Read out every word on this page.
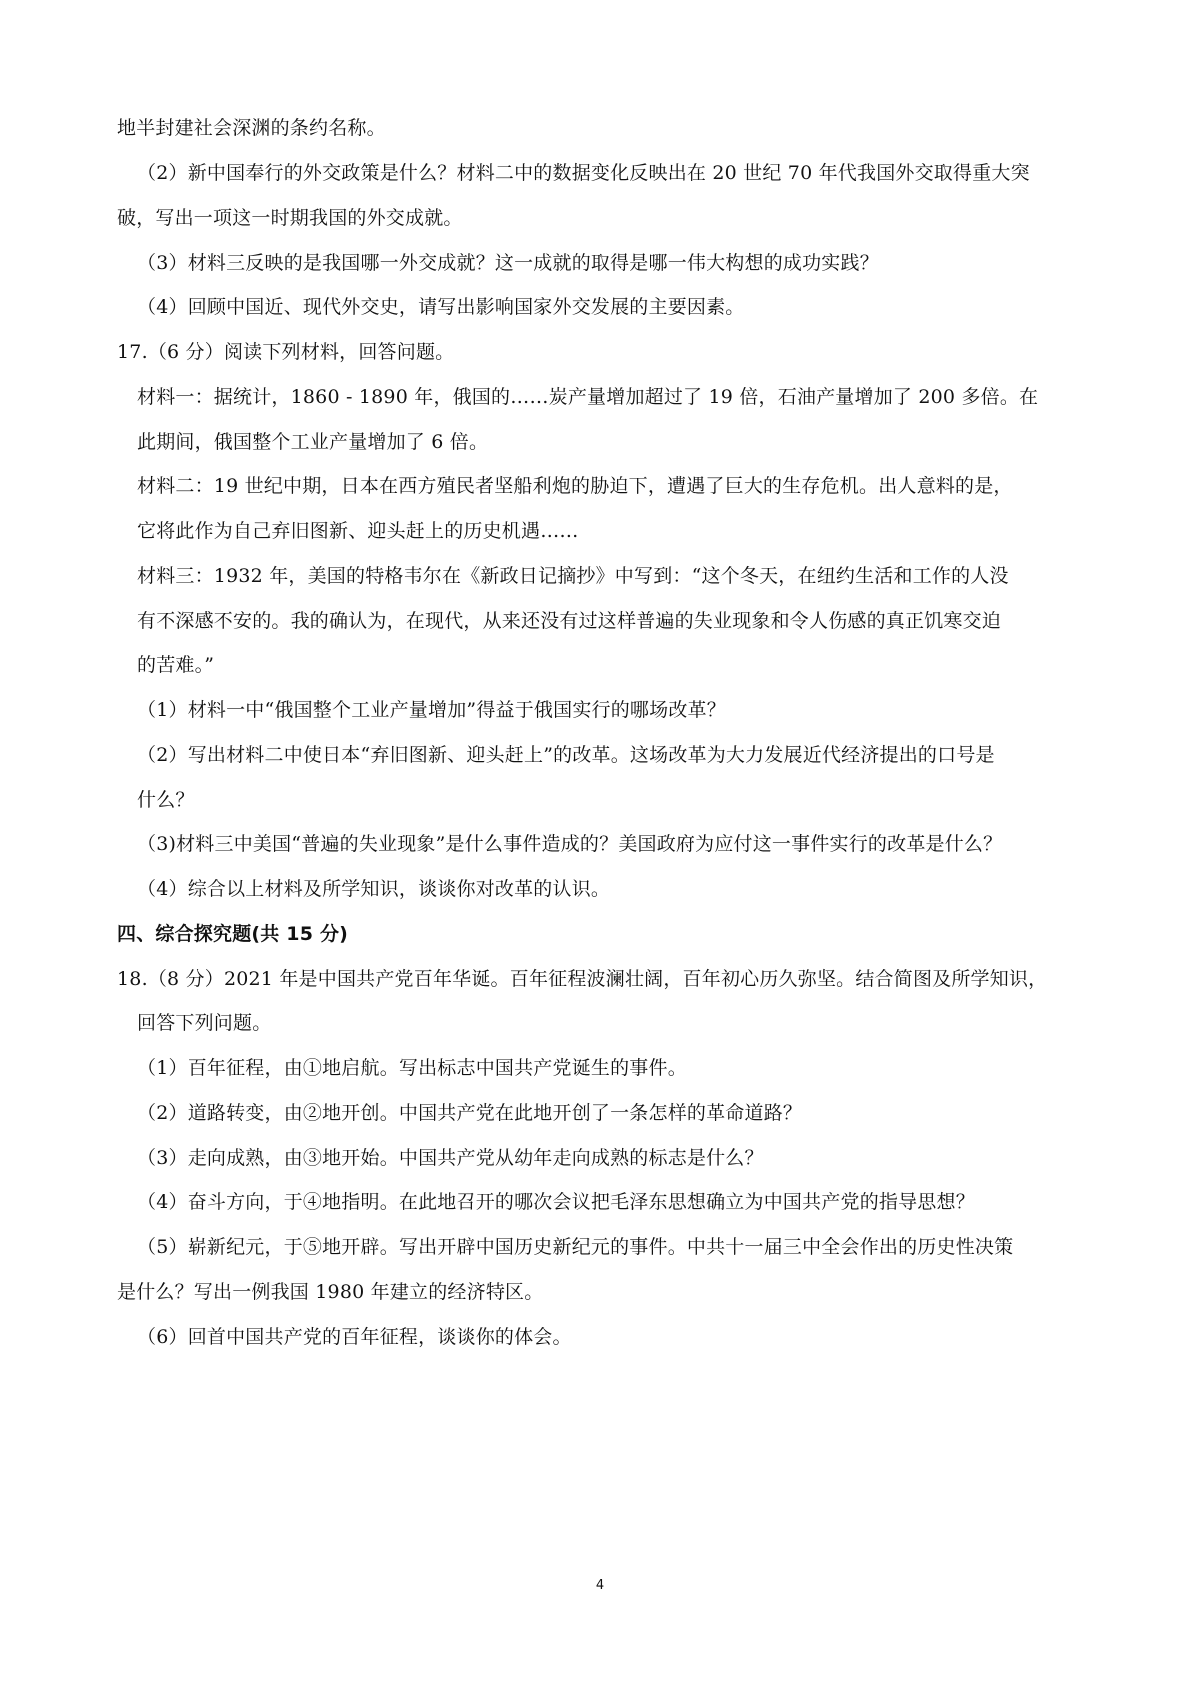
地半封建社会深渊的条约名称。
（2）新中国奉行的外交政策是什么？材料二中的数据变化反映出在 20 世纪 70 年代我国外交取得重大突
破，写出一项这一时期我国的外交成就。
（3）材料三反映的是我国哪一外交成就？这一成就的取得是哪一伟大构想的成功实践？
（4）回顾中国近、现代外交史，请写出影响国家外交发展的主要因素。
17.（6 分）阅读下列材料，回答问题。
材料一：据统计，1860 - 1890 年，俄国的……炭产量增加超过了 19 倍，石油产量增加了 200 多倍。在
此期间，俄国整个工业产量增加了 6 倍。
材料二：19 世纪中期，日本在西方殖民者坚船利炮的胁迫下，遭遇了巨大的生存危机。出人意料的是，
它将此作为自己弃旧图新、迎头赶上的历史机遇……
材料三：1932 年，美国的特格韦尔在《新政日记摘抄》中写到：“这个冬天，在纽约生活和工作的人没
有不深感不安的。我的确认为，在现代，从来还没有过这样普遍的失业现象和令人伤感的真正饥寒交迫
的苦难。”
（1）材料一中“俄国整个工业产量增加”得益于俄国实行的哪场改革？
（2）写出材料二中使日本“弃旧图新、迎头赶上”的改革。这场改革为大力发展近代经济提出的口号是
什么？
（3)材料三中美国“普遍的失业现象”是什么事件造成的？美国政府为应付这一事件实行的改革是什么？
（4）综合以上材料及所学知识，谈谈你对改革的认识。
四、综合探究题(共 15 分)
18.（8 分）2021 年是中国共产党百年华诞。百年征程波澜壮阔，百年初心历久弥坚。结合简图及所学知识，
回答下列问题。
（1）百年征程，由①地启航。写出标志中国共产党诞生的事件。
（2）道路转变，由②地开创。中国共产党在此地开创了一条怎样的革命道路？
（3）走向成熟，由③地开始。中国共产党从幼年走向成熟的标志是什么？
（4）奋斗方向，于④地指明。在此地召开的哪次会议把毛泽东思想确立为中国共产党的指导思想？
（5）崭新纪元，于⑤地开辟。写出开辟中国历史新纪元的事件。中共十一届三中全会作出的历史性决策
是什么？写出一例我国 1980 年建立的经济特区。
（6）回首中国共产党的百年征程，谈谈你的体会。
4
